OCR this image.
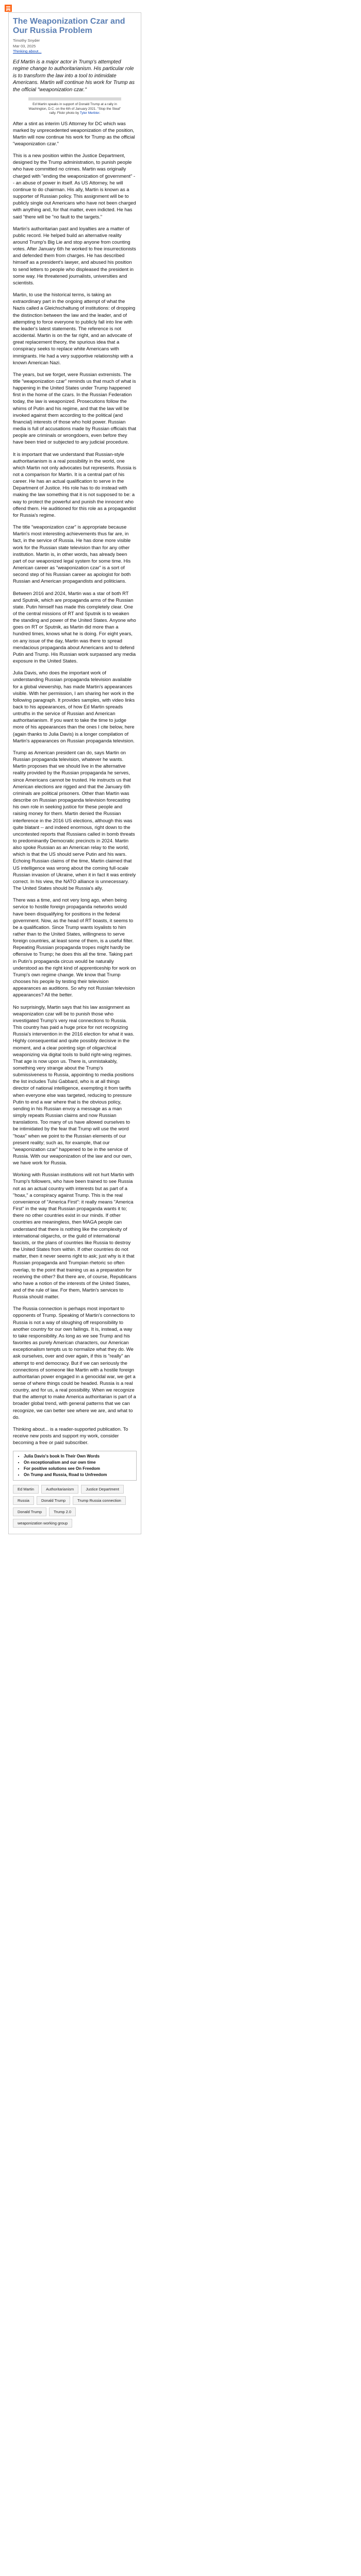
The Weaponization Czar and Our Russia Problem
Timothy Snyder
Mar 03, 2025
Thinking about...
Ed Martin is a major actor in Trump's attempted regime change to authoritarianism. His particular role is to transform the law into a tool to intimidate Americans. Martin will continue his work for Trump as the official "weaponization czar."
Ed Martin speaks in support of Donald Trump at a rally in Washington, D.C. on the 6th of January 2021. "Stop the Steal" rally. Flickr photo by Tyler Merbler.

After a stint as interim US Attorney for DC which was marked by unprecedented weaponization of the position, Martin will now continue his work for Trump as the official "weaponization czar."

This is a new position within the Justice Department, designed by the Trump administration, to punish people who have committed no crimes. Martin was originally charged with "ending the weaponization of government" -- an abuse of power in itself. As US Attorney, he will continue to do chairman. His ally, Martin is known as a supporter of Russian policy. This assignment will be to publicly single out Americans who have not been charged with anything and, for that matter, even indicted. He has said "there will be "no fault to the targets."

Martin's authoritarian past and loyalties are a matter of public record. He helped build an alternative reality around Trump's Big Lie and stop anyone from counting votes. After January 6th he worked to free insurrectionists and defended them from charges. He has described himself as a president's lawyer, and abused his position to send letters to people who displeased the president in some way. He threatened journalists, universities and scientists.

Martin, to use the historical terms, is taking an extraordinary part in the ongoing attempt of what the Nazis called a Gleichschaltung of institutions: of dropping the distinction between the law and the leader, and of attempting to force everyone to publicly fall into line with the leader's latest statements. The reference is not accidental. Martin is on the far right, and an advocate of great replacement theory, the spurious idea that a conspiracy seeks to replace white Americans with immigrants. He had a very supportive relationship with a known American Nazi.

The years, but we forget, were Russian extremists. The title "weaponization czar" reminds us that much of what is happening in the United States under Trump happened first in the home of the czars. In the Russian Federation today, the law is weaponized. Prosecutions follow the whims of Putin and his regime, and that the law will be invoked against them according to the political (and financial) interests of those who hold power. Russian media is full of accusations made by Russian officials that people are criminals or wrongdoers, even before they have been tried or subjected to any judicial procedure.

It is important that we understand that Russian-style authoritarianism is a real possibility in the world, one which Martin not only advocates but represents. Russia is not a comparison for Martin. It is a central part of his career. He has an actual qualification to serve in the Department of Justice. His role has to do instead with making the law something that it is not supposed to be: a way to protect the powerful and punish the innocent who offend them. He auditioned for this role as a propagandist for Russia's regime.

The title "weaponization czar" is appropriate because Martin's most interesting achievements thus far are, in fact, in the service of Russia. He has done more visible work for the Russian state television than for any other institution. Martin is, in other words, has already been part of our weaponized legal system for some time. His American career as "weaponization czar" is a sort of second step of his Russian career as apologist for both Russian and American propagandists and politicians.

Between 2016 and 2024, Martin was a star of both RT and Sputnik, which are propaganda arms of the Russian state. Putin himself has made this completely clear. One of the central missions of RT and Sputnik is to weaken the standing and power of the United States. Anyone who goes on RT or Sputnik, as Martin did more than a hundred times, knows what he is doing. For eight years, on any issue of the day, Martin was there to spread mendacious propaganda about Americans and to defend Putin and Trump. His Russian work surpassed any media exposure in the United States.

Julia Davis, who does the important work of understanding Russian propaganda television available for a global viewership, has made Martin's appearances visible. With her permission, I am sharing her work in the following paragraph. It provides samples, with video links back to his appearances, of how Ed Martin spreads untruths in the service of Russian and American authoritarianism. If you want to take the time to judge more of his appearances than the ones I cite below, here (again thanks to Julia Davis) is a longer compilation of Martin's appearances on Russian propaganda television.

Trump as American president can do, says Martin on Russian propaganda television, whatever he wants. Martin proposes that we should live in the alternative reality provided by the Russian propaganda he serves, since Americans cannot be trusted. He instructs us that American elections are rigged and that the January 6th criminals are political prisoners. Other than Martin was describe on Russian propaganda television forecasting his own role in seeking justice for these people and raising money for them. Martin denied the Russian interference in the 2016 US elections, although this was quite blatant -- and indeed enormous, right down to the uncontested reports that Russians called in bomb threats to predominantly Democratic precincts in 2024. Martin also spoke Russian as an American relay to the world, which is that the US should serve Putin and his wars. Echoing Russian claims of the time, Martin claimed that US intelligence was wrong about the coming full-scale Russian invasion of Ukraine, when it in fact it was entirely correct. In his view, the NATO alliance is unnecessary. The United States should be Russia's ally.

There was a time, and not very long ago, when being service to hostile foreign propaganda networks would have been disqualifying for positions in the federal government. Now, as the head of RT boasts, it seems to be a qualification. Since Trump wants loyalists to him rather than to the United States, willingness to serve foreign countries, at least some of them, is a useful filter. Repeating Russian propaganda tropes might hardly be offensive to Trump; he does this all the time. Taking part in Putin's propaganda circus would be naturally understood as the right kind of apprenticeship for work on Trump's own regime change. We know that Trump chooses his people by testing their television appearances as auditions. So why not Russian television appearances? All the better.

No surprisingly, Martin says that his law assignment as weaponization czar will be to punish those who investigated Trump's very real connections to Russia. This country has paid a huge price for not recognizing Russia's intervention in the 2016 election for what it was. Highly consequential and quite possibly decisive in the moment, and a clear pointing sign of oligarchical weaponizing via digital tools to build right-wing regimes. That age is now upon us. There is, unmistakably, something very strange about the Trump's submissiveness to Russia, appointing to media positions the list includes Tulsi Gabbard, who is at all things director of national intelligence, exempting it from tariffs when everyone else was targeted, reducing to pressure Putin to end a war where that is the obvious policy, sending in his Russian envoy a message as a man simply repeats Russian claims and now Russian translations. Too many of us have allowed ourselves to be intimidated by the fear that Trump will use the word "hoax" when we point to the Russian elements of our present reality; such as, for example, that our "weaponization czar" happened to be in the service of Russia. With our weaponization of the law and our own, we have work for Russia.

Working with Russian institutions will not hurt Martin with Trump's followers, who have been trained to see Russia not as an actual country with interests but as part of a "hoax," a conspiracy against Trump. This is the real convenience of "America First": it really means "America First" in the way that Russian propaganda wants it to; there no other countries exist in our minds. If other countries are meaningless, then MAGA people can understand that there is nothing like the complexity of international oligarchs, or the guild of international fascists, or the plans of countries like Russia to destroy the United States from within. If other countries do not matter, then it never seems right to ask; just why is it that Russian propaganda and Trumpian rhetoric so often overlap, to the point that training us as a preparation for receiving the other? But there are, of course, Republicans who have a notion of the interests of the United States, and of the rule of law. For them, Martin's services to Russia should matter.

The Russia connection is perhaps most important to opponents of Trump. Speaking of Martin's connections to Russia is not a way of sloughing off responsibility to another country for our own failings. It is, instead, a way to take responsibility. As long as we see Trump and his favorites as purely American characters, our American exceptionalism tempts us to normalize what they do. We ask ourselves, over and over again, if this is "really" an attempt to end democracy. But if we can seriously the connections of someone like Martin with a hostile foreign authoritarian power engaged in a genocidal war, we get a sense of where things could be headed. Russia is a real country, and for us, a real possibility. When we recognize that the attempt to make America authoritarian is part of a broader global trend, with general patterns that we can recognize, we can better see where we are, and what to do.

Thinking about... is a reader-supported publication. To receive new posts and support my work, consider becoming a free or paid subscriber.

• Julia Davis's book In Their Own Words
• On exceptionalism and our own time
• For positive solutions see On Freedom
• On Trump and Russia, Road to Unfreedom
Ed Martin	Authoritarianism	Justice Department
Russia	Donald Trump	Trump Russia connection
Donald Trump	Trump 2.0
weaponization working group
